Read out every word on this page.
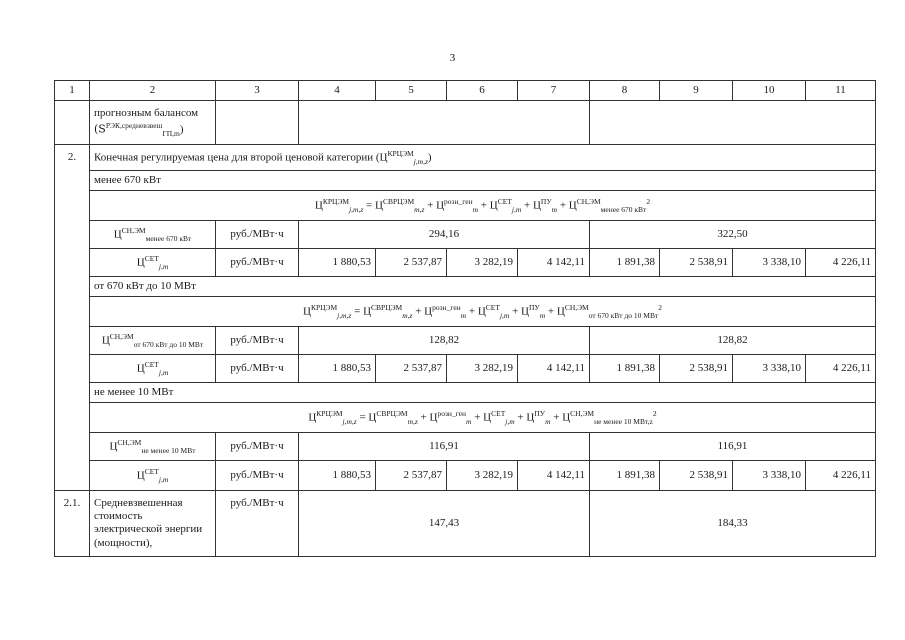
3
1	2	3	4	5	6	7	8	9	10	11
	прогнозным балансом
$(S^{РЭК,средневзвеш}_{ГП,m})$									
2.	Конечная регулируемая цена для второй ценовой категории $(Ц^{КРЦЭМ}_{j,m,z})$									
	менее 670 кВт									
	$Ц^{КРЦЭМ}_{j,m,z} = Ц^{СВРЦЭМ}_{m,z} + Ц^{розн\_ген}_m + Ц^{СЕТ}_{j,m} + Ц^{ПУ}_m + Ц^{СН,ЭМ}_{менее 670 кВт}^2$
	$Ц^{СН,ЭМ}_{менее 670 кВт}$	руб./МВт·ч	294,16				322,50			
	$Ц^{СЕТ}_{j,m}$	руб./МВт·ч	1 880,53	2 537,87	3 282,19	4 142,11	1 891,38	2 538,91	3 338,10	4 226,11
	от 670 кВт до 10 МВт									
	$Ц^{КРЦЭМ}_{j,m,z} = Ц^{СВРЦЭМ}_{m,z} + Ц^{розн\_ген}_m + Ц^{СЕТ}_{j,m} + Ц^{ПУ}_m + Ц^{СН,ЭМ}_{от 670 кВт до 10 МВт}^2$
	$Ц^{СН,ЭМ}_{от 670 кВт до 10 МВт}$	руб./МВт·ч	128,82				128,82			
	$Ц^{СЕТ}_{j,m}$	руб./МВт·ч	1 880,53	2 537,87	3 282,19	4 142,11	1 891,38	2 538,91	3 338,10	4 226,11
	не менее 10 МВт									
	$Ц^{КРЦЭМ}_{j,m,z} = Ц^{СВРЦЭМ}_{m,z} + Ц^{розн\_ген}_m + Ц^{СЕТ}_{j,m} + Ц^{ПУ}_m + Ц^{СН,ЭМ}_{не менее 10 МВт,z}^2$
	$Ц^{СН,ЭМ}_{не менее 10 МВт}$	руб./МВт·ч	116,91				116,91			
	$Ц^{СЕТ}_{j,m}$	руб./МВт·ч	1 880,53	2 537,87	3 282,19	4 142,11	1 891,38	2 538,91	3 338,10	4 226,11
2.1.	Средневзвешенная стоимость электрической энергии (мощности),	руб./МВт·ч	147,43				184,33			
